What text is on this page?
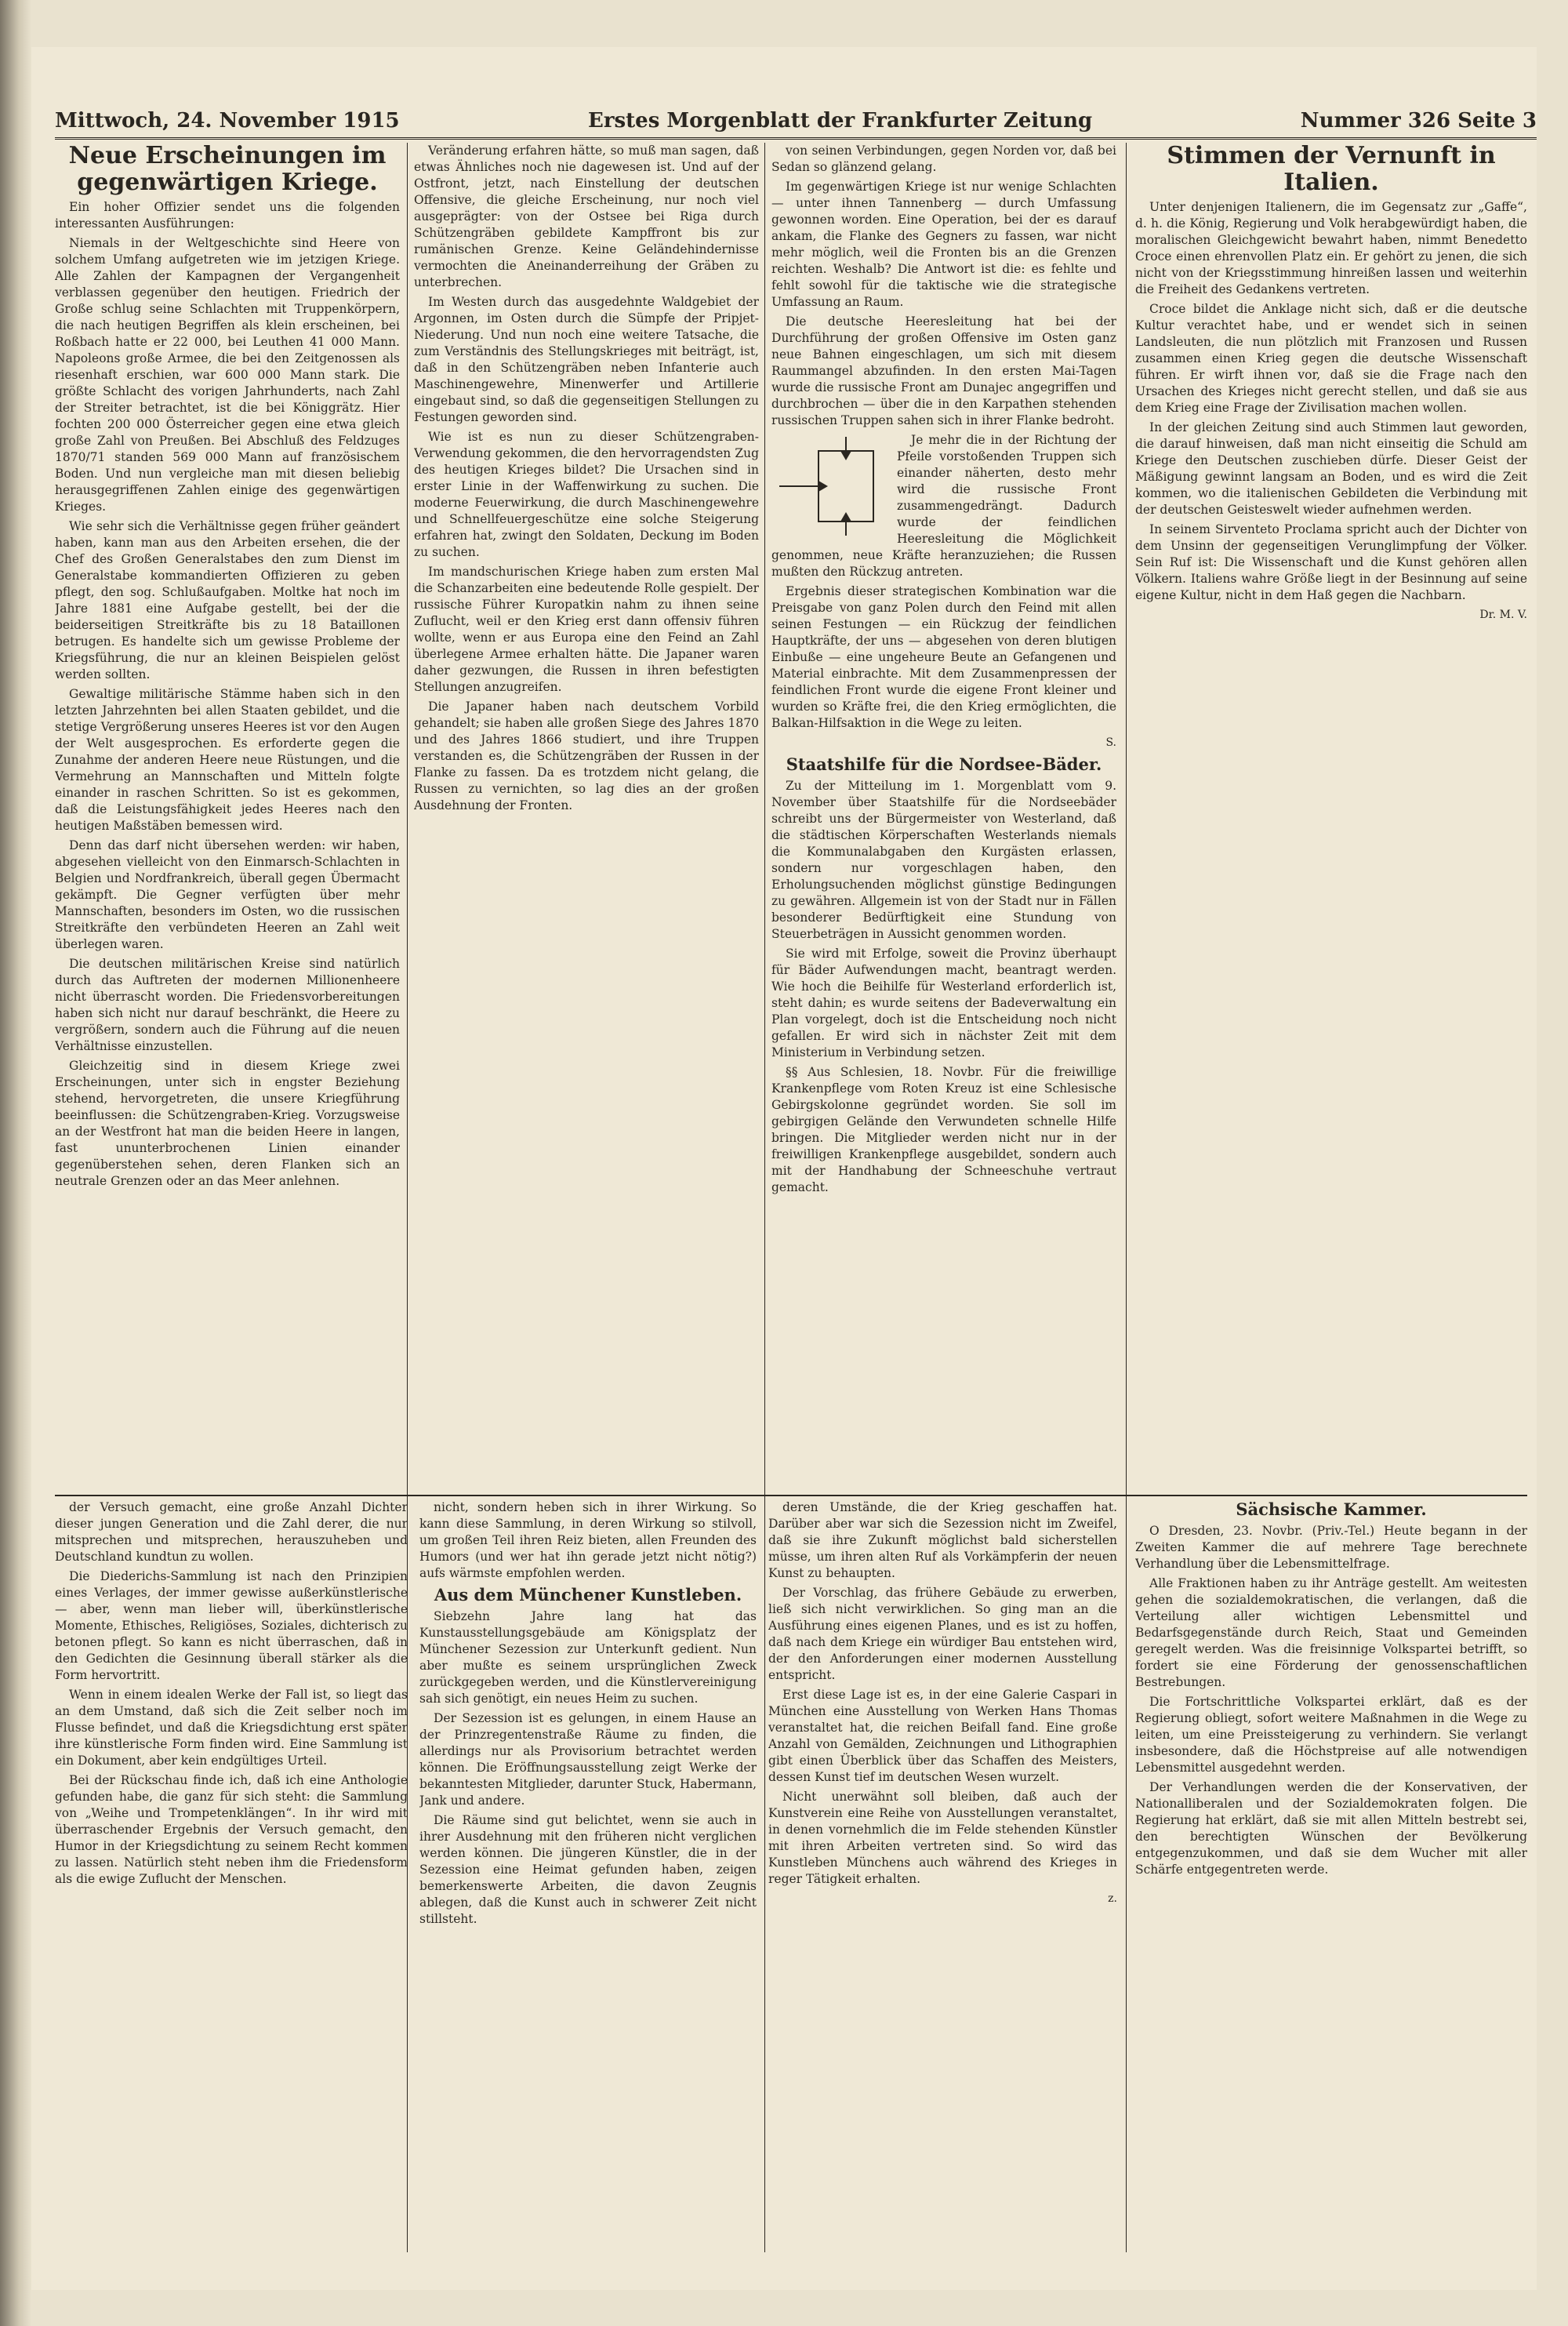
Mittwoch, 24. November 1915	Erstes Morgenblatt der Frankfurter Zeitung	Nummer 326 Seite 3

Neue Erscheinungen im gegenwärtigen Kriege.

Ein hoher Offizier sendet uns die folgenden interessanten Ausführungen:

Niemals in der Weltgeschichte sind Heere von solchem Umfang aufgetreten wie im jetzigen Kriege. Alle Zahlen der Kampagnen der Vergangenheit verblassen gegenüber den heutigen. Friedrich der Große schlug seine Schlachten mit Truppenkörpern, die nach heutigen Begriffen als klein erscheinen, bei Roßbach hatte er 22 000, bei Leuthen 41 000 Mann. Napoleons große Armee, die bei den Zeitgenossen als riesenhaft erschien, war 600 000 Mann stark. Die größte Schlacht des vorigen Jahrhunderts, nach Zahl der Streiter betrachtet, ist die bei Königgrätz. Hier fochten 200 000 Österreicher gegen eine etwa gleich große Zahl von Preußen. Bei Abschluß des Feldzuges 1870/71 standen 569 000 Mann auf französischem Boden. Und nun vergleiche man mit diesen beliebig herausgegriffenen Zahlen einige des gegenwärtigen Krieges.

Wie sehr sich die Verhältnisse gegen früher geändert haben, kann man aus den Arbeiten ersehen, die der Chef des Großen Generalstabes den zum Dienst im Generalstabe kommandierten Offizieren zu geben pflegt, den sog. Schlußaufgaben. Moltke hat noch im Jahre 1881 eine Aufgabe gestellt, bei der die beiderseitigen Streitkräfte bis zu 18 Bataillonen betrugen. Es handelte sich um gewisse Probleme der Kriegsführung, die nur an kleinen Beispielen gelöst werden sollten.

Gewaltige militärische Stämme haben sich in den letzten Jahrzehnten bei allen Staaten gebildet, und die stetige Vergrößerung unseres Heeres ist vor den Augen der Welt ausgesprochen. Es erforderte gegen die Zunahme der anderen Heere neue Rüstungen, und die Vermehrung an Mannschaften und Mitteln folgte einander in raschen Schritten. So ist es gekommen, daß die Leistungsfähigkeit jedes Heeres nach den heutigen Maßstäben bemessen wird.

Denn das darf nicht übersehen werden: wir haben, abgesehen vielleicht von den Einmarsch-Schlachten in Belgien und Nordfrankreich, überall gegen Übermacht gekämpft. Die Gegner verfügten über mehr Mannschaften, besonders im Osten, wo die russischen Streitkräfte den verbündeten Heeren an Zahl weit überlegen waren.

Die deutschen militärischen Kreise sind natürlich durch das Auftreten der modernen Millionenheere nicht überrascht worden. Die Friedensvorbereitungen haben sich nicht nur darauf beschränkt, die Heere zu vergrößern, sondern auch die Führung auf die neuen Verhältnisse einzustellen.

Gleichzeitig sind in diesem Kriege zwei Erscheinungen, unter sich in engster Beziehung stehend, hervorgetreten, die unsere Kriegführung beeinflussen: die Schützengraben-Krieg. Vorzugsweise an der Westfront hat man die beiden Heere in langen, fast ununterbrochenen Linien einander gegenüberstehen sehen, deren Flanken sich an neutrale Grenzen oder an das Meer anlehnen.

Veränderung erfahren hätte, so muß man sagen, daß etwas Ähnliches noch nie dagewesen ist. Und auf der Ostfront, jetzt, nach Einstellung der deutschen Offensive, die gleiche Erscheinung, nur noch viel ausgeprägter: von der Ostsee bei Riga durch Schützengräben gebildete Kampffront bis zur rumänischen Grenze. Keine Geländehindernisse vermochten die Aneinanderreihung der Gräben zu unterbrechen.

Im Westen durch das ausgedehnte Waldgebiet der Argonnen, im Osten durch die Sümpfe der Pripjet-Niederung. Und nun noch eine weitere Tatsache, die zum Verständnis des Stellungskrieges mit beiträgt, ist, daß in den Schützengräben neben Infanterie auch Maschinengewehre, Minenwerfer und Artillerie eingebaut sind, so daß die gegenseitigen Stellungen zu Festungen geworden sind.

Wie ist es nun zu dieser Schützengraben-Verwendung gekommen, die den hervorragendsten Zug des heutigen Krieges bildet? Die Ursachen sind in erster Linie in der Waffenwirkung zu suchen. Die moderne Feuerwirkung, die durch Maschinengewehre und Schnellfeuergeschütze eine solche Steigerung erfahren hat, zwingt den Soldaten, Deckung im Boden zu suchen.

Im mandschurischen Kriege haben zum ersten Mal die Schanzarbeiten eine bedeutende Rolle gespielt. Der russische Führer Kuropatkin nahm zu ihnen seine Zuflucht, weil er den Krieg erst dann offensiv führen wollte, wenn er aus Europa eine den Feind an Zahl überlegene Armee erhalten hätte. Die Japaner waren daher gezwungen, die Russen in ihren befestigten Stellungen anzugreifen.

Die Japaner haben nach deutschem Vorbild gehandelt; sie haben alle großen Siege des Jahres 1870 und des Jahres 1866 studiert, und ihre Truppen verstanden es, die Schützengräben der Russen in der Flanke zu fassen. Da es trotzdem nicht gelang, die Russen zu vernichten, so lag dies an der großen Ausdehnung der Fronten.

von seinen Verbindungen, gegen Norden vor, daß bei Sedan so glänzend gelang.

Im gegenwärtigen Kriege ist nur wenige Schlachten — unter ihnen Tannenberg — durch Umfassung gewonnen worden. Eine Operation, bei der es darauf ankam, die Flanke des Gegners zu fassen, war nicht mehr möglich, weil die Fronten bis an die Grenzen reichten. Weshalb? Die Antwort ist die: es fehlte und fehlt sowohl für die taktische wie die strategische Umfassung an Raum.

Die deutsche Heeresleitung hat bei der Durchführung der großen Offensive im Osten ganz neue Bahnen eingeschlagen, um sich mit diesem Raummangel abzufinden. In den ersten Mai-Tagen wurde die russische Front am Dunajec angegriffen und durchbrochen — über die in den Karpathen stehenden russischen Truppen sahen sich in ihrer Flanke bedroht.

Je mehr die in der Richtung der Pfeile vorstoßenden Truppen sich einander näherten, desto mehr wird die russische Front zusammengedrängt. Dadurch wurde der feindlichen Heeresleitung die Möglichkeit genommen, neue Kräfte heranzuziehen; die Russen mußten den Rückzug antreten.

Ergebnis dieser strategischen Kombination war die Preisgabe von ganz Polen durch den Feind mit allen seinen Festungen — ein Rückzug der feindlichen Hauptkräfte, der uns — abgesehen von deren blutigen Einbuße — eine ungeheure Beute an Gefangenen und Material einbrachte. Mit dem Zusammenpressen der feindlichen Front wurde die eigene Front kleiner und wurden so Kräfte frei, die den Krieg ermöglichten, die Balkan-Hilfsaktion in die Wege zu leiten.

S.

Staatshilfe für die Nordsee-Bäder.

Zu der Mitteilung im 1. Morgenblatt vom 9. November über Staatshilfe für die Nordseebäder schreibt uns der Bürgermeister von Westerland, daß die städtischen Körperschaften Westerlands niemals die Kommunalabgaben den Kurgästen erlassen, sondern nur vorgeschlagen haben, den Erholungsuchenden möglichst günstige Bedingungen zu gewähren. Allgemein ist von der Stadt nur in Fällen besonderer Bedürftigkeit eine Stundung von Steuerbeträgen in Aussicht genommen worden.

Sie wird mit Erfolge, soweit die Provinz überhaupt für Bäder Aufwendungen macht, beantragt werden. Wie hoch die Beihilfe für Westerland erforderlich ist, steht dahin; es wurde seitens der Badeverwaltung ein Plan vorgelegt, doch ist die Entscheidung noch nicht gefallen. Er wird sich in nächster Zeit mit dem Ministerium in Verbindung setzen.

§§ Aus Schlesien, 18. Novbr. Für die freiwillige Krankenpflege vom Roten Kreuz ist eine Schlesische Gebirgskolonne gegründet worden. Sie soll im gebirgigen Gelände den Verwundeten schnelle Hilfe bringen. Die Mitglieder werden nicht nur in der freiwilligen Krankenpflege ausgebildet, sondern auch mit der Handhabung der Schneeschuhe vertraut gemacht.

Stimmen der Vernunft in Italien.

Unter denjenigen Italienern, die im Gegensatz zur „Gaffe“, d. h. die König, Regierung und Volk herabgewürdigt haben, die moralischen Gleichgewicht bewahrt haben, nimmt Benedetto Croce einen ehrenvollen Platz ein. Er gehört zu jenen, die sich nicht von der Kriegsstimmung hinreißen lassen und weiterhin die Freiheit des Gedankens vertreten.

Croce bildet die Anklage nicht sich, daß er die deutsche Kultur verachtet habe, und er wendet sich in seinen Landsleuten, die nun plötzlich mit Franzosen und Russen zusammen einen Krieg gegen die deutsche Wissenschaft führen. Er wirft ihnen vor, daß sie die Frage nach den Ursachen des Krieges nicht gerecht stellen, und daß sie aus dem Krieg eine Frage der Zivilisation machen wollen.

In der gleichen Zeitung sind auch Stimmen laut geworden, die darauf hinweisen, daß man nicht einseitig die Schuld am Kriege den Deutschen zuschieben dürfe. Dieser Geist der Mäßigung gewinnt langsam an Boden, und es wird die Zeit kommen, wo die italienischen Gebildeten die Verbindung mit der deutschen Geisteswelt wieder aufnehmen werden.

In seinem Sirventeto Proclama spricht auch der Dichter von dem Unsinn der gegenseitigen Verunglimpfung der Völker. Sein Ruf ist: Die Wissenschaft und die Kunst gehören allen Völkern. Italiens wahre Größe liegt in der Besinnung auf seine eigene Kultur, nicht in dem Haß gegen die Nachbarn.

Dr. M. V.

der Versuch gemacht, eine große Anzahl Dichter dieser jungen Generation und die Zahl derer, die nur mitsprechen und mitsprechen, herauszuheben und Deutschland kundtun zu wollen.

Die Diederichs-Sammlung ist nach den Prinzipien eines Verlages, der immer gewisse außerkünstlerische — aber, wenn man lieber will, überkünstlerische Momente, Ethisches, Religiöses, Soziales, dichterisch zu betonen pflegt. So kann es nicht überraschen, daß in den Gedichten die Gesinnung überall stärker als die Form hervortritt.

Wenn in einem idealen Werke der Fall ist, so liegt das an dem Umstand, daß sich die Zeit selber noch im Flusse befindet, und daß die Kriegsdichtung erst später ihre künstlerische Form finden wird. Eine Sammlung ist ein Dokument, aber kein endgültiges Urteil.

Bei der Rückschau finde ich, daß ich eine Anthologie gefunden habe, die ganz für sich steht: die Sammlung von „Weihe und Trompetenklängen“. In ihr wird mit überraschender Ergebnis der Versuch gemacht, den Humor in der Kriegsdichtung zu seinem Recht kommen zu lassen. Natürlich steht neben ihm die Friedensform als die ewige Zuflucht der Menschen.

nicht, sondern heben sich in ihrer Wirkung. So kann diese Sammlung, in deren Wirkung so stilvoll, um großen Teil ihren Reiz bieten, allen Freunden des Humors (und wer hat ihn gerade jetzt nicht nötig?) aufs wärmste empfohlen werden.

Aus dem Münchener Kunstleben.

Siebzehn Jahre lang hat das Kunstausstellungsgebäude am Königsplatz der Münchener Sezession zur Unterkunft gedient. Nun aber mußte es seinem ursprünglichen Zweck zurückgegeben werden, und die Künstlervereinigung sah sich genötigt, ein neues Heim zu suchen.

Der Sezession ist es gelungen, in einem Hause an der Prinzregentenstraße Räume zu finden, die allerdings nur als Provisorium betrachtet werden können. Die Eröffnungsausstellung zeigt Werke der bekanntesten Mitglieder, darunter Stuck, Habermann, Jank und andere.

Die Räume sind gut belichtet, wenn sie auch in ihrer Ausdehnung mit den früheren nicht verglichen werden können. Die jüngeren Künstler, die in der Sezession eine Heimat gefunden haben, zeigen bemerkenswerte Arbeiten, die davon Zeugnis ablegen, daß die Kunst auch in schwerer Zeit nicht stillsteht.

deren Umstände, die der Krieg geschaffen hat. Darüber aber war sich die Sezession nicht im Zweifel, daß sie ihre Zukunft möglichst bald sicherstellen müsse, um ihren alten Ruf als Vorkämpferin der neuen Kunst zu behaupten.

Der Vorschlag, das frühere Gebäude zu erwerben, ließ sich nicht verwirklichen. So ging man an die Ausführung eines eigenen Planes, und es ist zu hoffen, daß nach dem Kriege ein würdiger Bau entstehen wird, der den Anforderungen einer modernen Ausstellung entspricht.

Erst diese Lage ist es, in der eine Galerie Caspari in München eine Ausstellung von Werken Hans Thomas veranstaltet hat, die reichen Beifall fand. Eine große Anzahl von Gemälden, Zeichnungen und Lithographien gibt einen Überblick über das Schaffen des Meisters, dessen Kunst tief im deutschen Wesen wurzelt.

Nicht unerwähnt soll bleiben, daß auch der Kunstverein eine Reihe von Ausstellungen veranstaltet, in denen vornehmlich die im Felde stehenden Künstler mit ihren Arbeiten vertreten sind. So wird das Kunstleben Münchens auch während des Krieges in reger Tätigkeit erhalten.

z.

Sächsische Kammer.

O Dresden, 23. Novbr. (Priv.-Tel.) Heute begann in der Zweiten Kammer die auf mehrere Tage berechnete Verhandlung über die Lebensmittelfrage.

Alle Fraktionen haben zu ihr Anträge gestellt. Am weitesten gehen die sozialdemokratischen, die verlangen, daß die Verteilung aller wichtigen Lebensmittel und Bedarfsgegenstände durch Reich, Staat und Gemeinden geregelt werden. Was die freisinnige Volkspartei betrifft, so fordert sie eine Förderung der genossenschaftlichen Bestrebungen.

Die Fortschrittliche Volkspartei erklärt, daß es der Regierung obliegt, sofort weitere Maßnahmen in die Wege zu leiten, um eine Preissteigerung zu verhindern. Sie verlangt insbesondere, daß die Höchstpreise auf alle notwendigen Lebensmittel ausgedehnt werden.

Der Verhandlungen werden die der Konservativen, der Nationalliberalen und der Sozialdemokraten folgen. Die Regierung hat erklärt, daß sie mit allen Mitteln bestrebt sei, den berechtigten Wünschen der Bevölkerung entgegenzukommen, und daß sie dem Wucher mit aller Schärfe entgegentreten werde.
